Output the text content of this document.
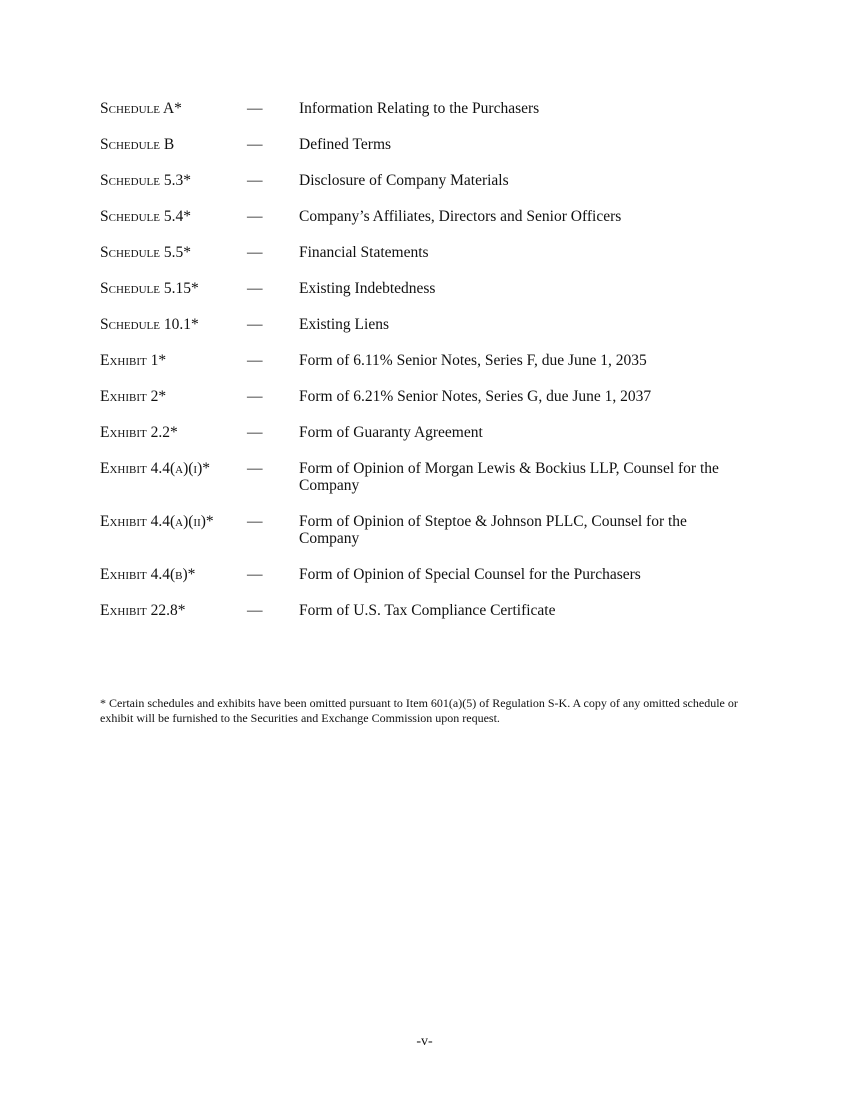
Schedule A*	—	Information Relating to the Purchasers
Schedule B	—	Defined Terms
Schedule 5.3*	—	Disclosure of Company Materials
Schedule 5.4*	—	Company’s Affiliates, Directors and Senior Officers
Schedule 5.5*	—	Financial Statements
Schedule 5.15*	—	Existing Indebtedness
Schedule 10.1*	—	Existing Liens
Exhibit 1*	—	Form of 6.11% Senior Notes, Series F, due June 1, 2035
Exhibit 2*	—	Form of 6.21% Senior Notes, Series G, due June 1, 2037
Exhibit 2.2*	—	Form of Guaranty Agreement
Exhibit 4.4(a)(i)*	—	Form of Opinion of Morgan Lewis & Bockius LLP, Counsel for the Company
Exhibit 4.4(a)(ii)*	—	Form of Opinion of Steptoe & Johnson PLLC, Counsel for the Company
Exhibit 4.4(b)*	—	Form of Opinion of Special Counsel for the Purchasers
Exhibit 22.8*	—	Form of U.S. Tax Compliance Certificate
* Certain schedules and exhibits have been omitted pursuant to Item 601(a)(5) of Regulation S-K. A copy of any omitted schedule or exhibit will be furnished to the Securities and Exchange Commission upon request.
-v-
